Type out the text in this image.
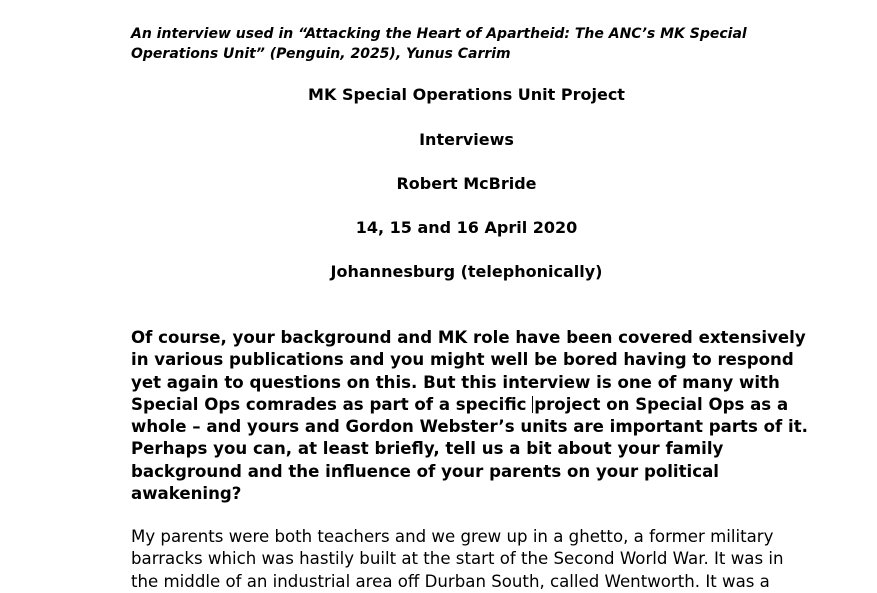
An interview used in “Attacking the Heart of Apartheid: The ANC’s MK Special
Operations Unit” (Penguin, 2025), Yunus Carrim
MK Special Operations Unit Project
Interviews
Robert McBride
14, 15 and 16 April 2020
Johannesburg (telephonically)
Of course, your background and MK role have been covered extensively
in various publications and you might well be bored having to respond
yet again to questions on this. But this interview is one of many with
Special Ops comrades as part of a specific project on Special Ops as a
whole – and yours and Gordon Webster’s units are important parts of it.
Perhaps you can, at least briefly, tell us a bit about your family
background and the influence of your parents on your political
awakening?
My parents were both teachers and we grew up in a ghetto, a former military
barracks which was hastily built at the start of the Second World War. It was in
the middle of an industrial area off Durban South, called Wentworth. It was a
